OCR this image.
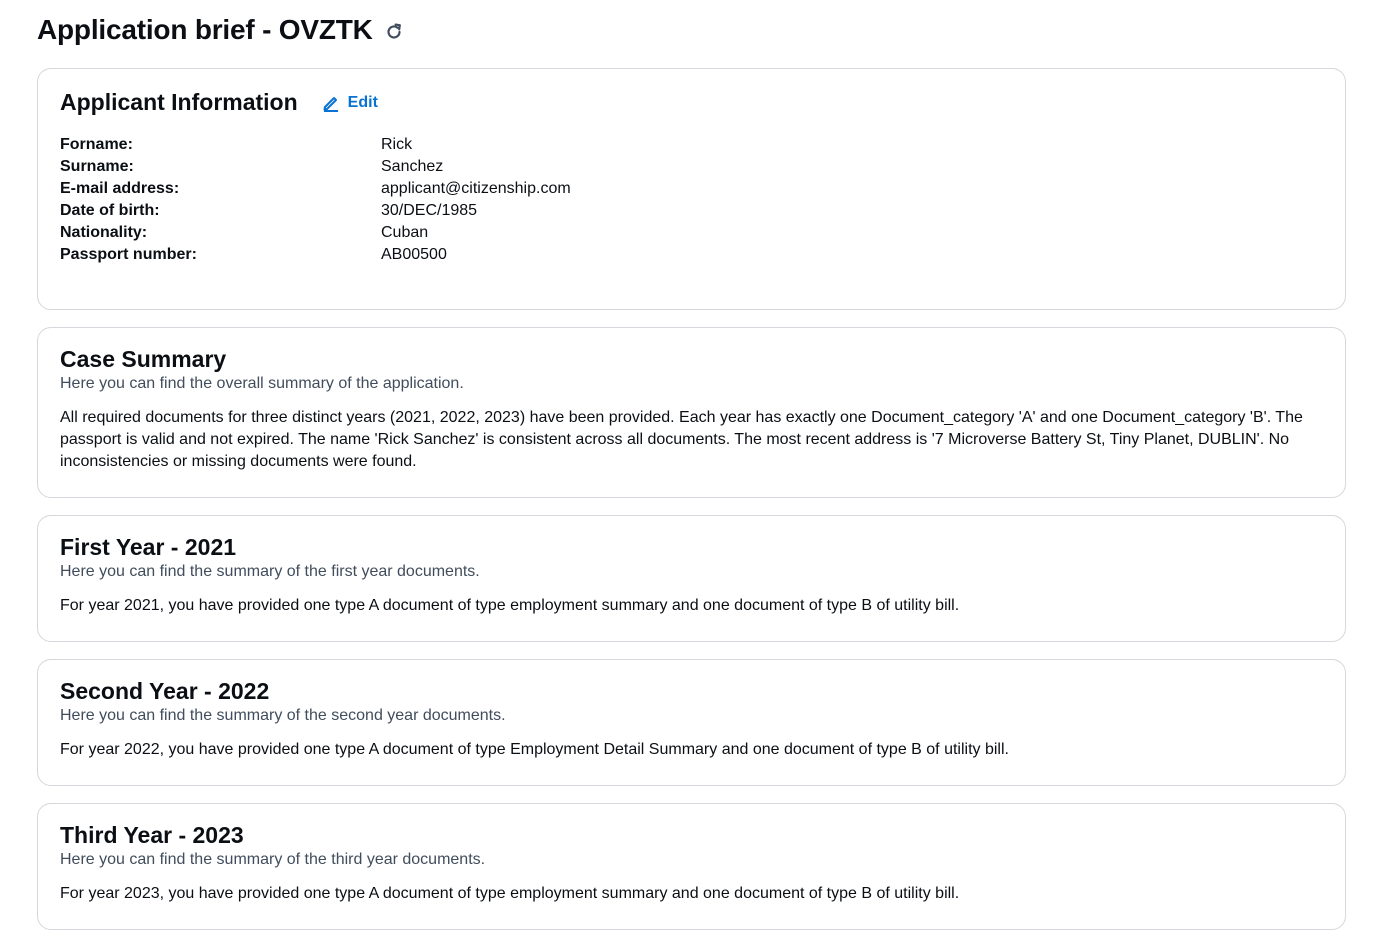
Application brief - OVZTK
Applicant Information	Edit
Forname:	Rick
Surname:	Sanchez
E-mail address:	applicant@citizenship.com
Date of birth:	30/DEC/1985
Nationality:	Cuban
Passport number:	AB00500
Case Summary

Here you can find the overall summary of the application.

All required documents for three distinct years (2021, 2022, 2023) have been provided. Each year has exactly one Document_category 'A' and one Document_category 'B'. The passport is valid and not expired. The name 'Rick Sanchez' is consistent across all documents. The most recent address is '7 Microverse Battery St, Tiny Planet, DUBLIN'. No inconsistencies or missing documents were found.

First Year - 2021

Here you can find the summary of the first year documents.

For year 2021, you have provided one type A document of type employment summary and one document of type B of utility bill.

Second Year - 2022

Here you can find the summary of the second year documents.

For year 2022, you have provided one type A document of type Employment Detail Summary and one document of type B of utility bill.

Third Year - 2023

Here you can find the summary of the third year documents.

For year 2023, you have provided one type A document of type employment summary and one document of type B of utility bill.
